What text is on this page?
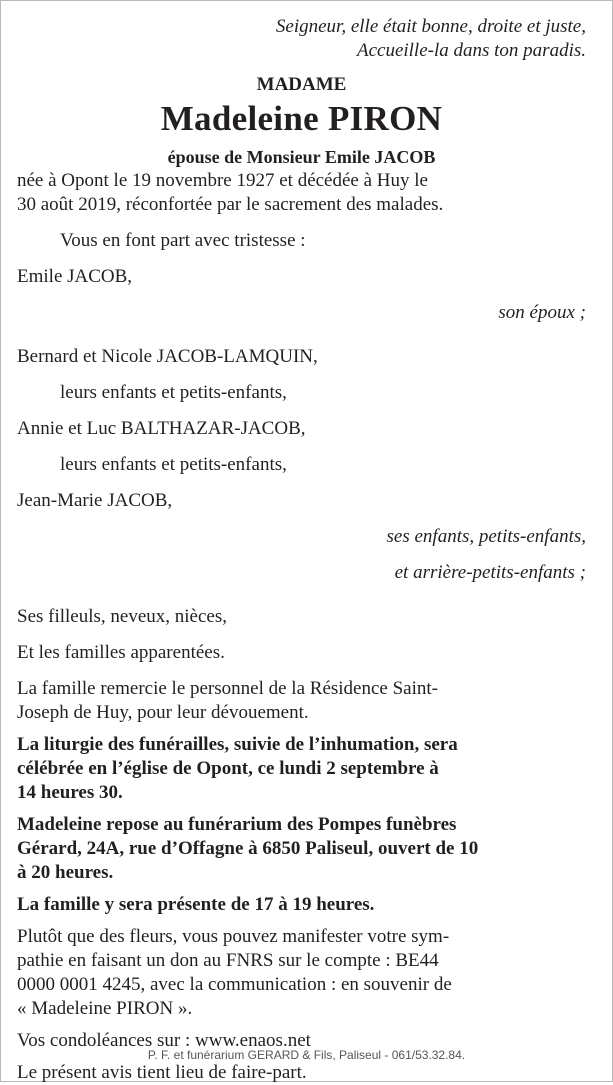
Seigneur, elle était bonne, droite et juste,
Accueille-la dans ton paradis.
MADAME
Madeleine PIRON
épouse de Monsieur Emile JACOB
née à Opont le 19 novembre 1927 et décédée à Huy le
30 août 2019, réconfortée par le sacrement des malades.
Vous en font part avec tristesse :
Emile JACOB,
son époux ;
Bernard et Nicole JACOB-LAMQUIN,
leurs enfants et petits-enfants,
Annie et Luc BALTHAZAR-JACOB,
leurs enfants et petits-enfants,
Jean-Marie JACOB,
ses enfants, petits-enfants,
et arrière-petits-enfants ;
Ses filleuls, neveux, nièces,
Et les familles apparentées.
La famille remercie le personnel de la Résidence Saint-
Joseph de Huy, pour leur dévouement.
La liturgie des funérailles, suivie de l’inhumation, sera
célébrée en l’église de Opont, ce lundi 2 septembre à
14 heures 30.
Madeleine repose au funérarium des Pompes funèbres
Gérard, 24A, rue d’Offagne à 6850 Paliseul, ouvert de 10
à 20 heures.
La famille y sera présente de 17 à 19 heures.
Plutôt que des fleurs, vous pouvez manifester votre sym-
pathie en faisant un don au FNRS sur le compte : BE44
0000 0001 4245, avec la communication : en souvenir de
« Madeleine PIRON ».
Vos condoléances sur : www.enaos.net
Le présent avis tient lieu de faire-part.
P. F. et funérarium GERARD & Fils, Paliseul - 061/53.32.84.
